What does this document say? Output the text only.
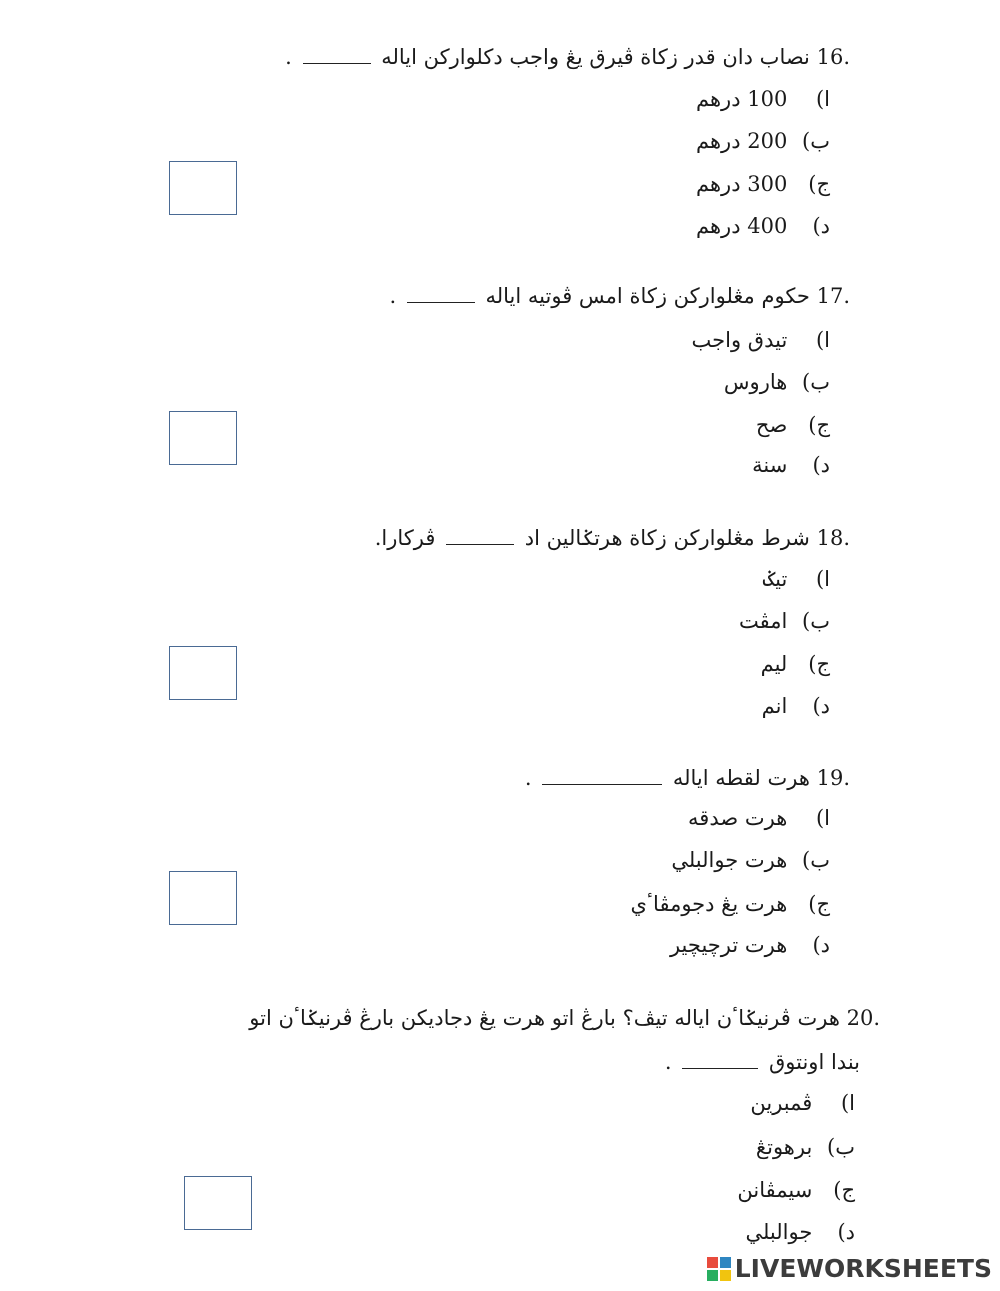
16. نصاب دان قدر زكاة ڤيرق يڠ واجب دكلواركن اياله  .
ا) 100 درهم
ب) 200 درهم
ج) 300 درهم
د) 400 درهم
17. حكوم مڠلواركن زكاة امس ڤوتيه اياله  .
ا) تيدق واجب
ب) هاروس
ج) صح
د) سنة
18. شرط مڠلواركن زكاة هرتݢالين اد  ڤركارا.
ا) تيݢ
ب) امڤت
ج) ليم
د) انم
19. هرت لقطه اياله  .
ا) هرت صدقه
ب) هرت جوالبلي
ج) هرت يڠ دجومڤاٴي
د) هرت ترچيچير
20. هرت ڤرنيݢاٴن اياله تيڤ؟ بارڠ اتو هرت يڠ دجاديكن بارڠ ڤرنيݢاٴن اتو
بندا اونتوق  .
ا) ڤمبرين
ب) برهوتڠ
ج) سيمڤانن
د) جوالبلي
LIVEWORKSHEETS
